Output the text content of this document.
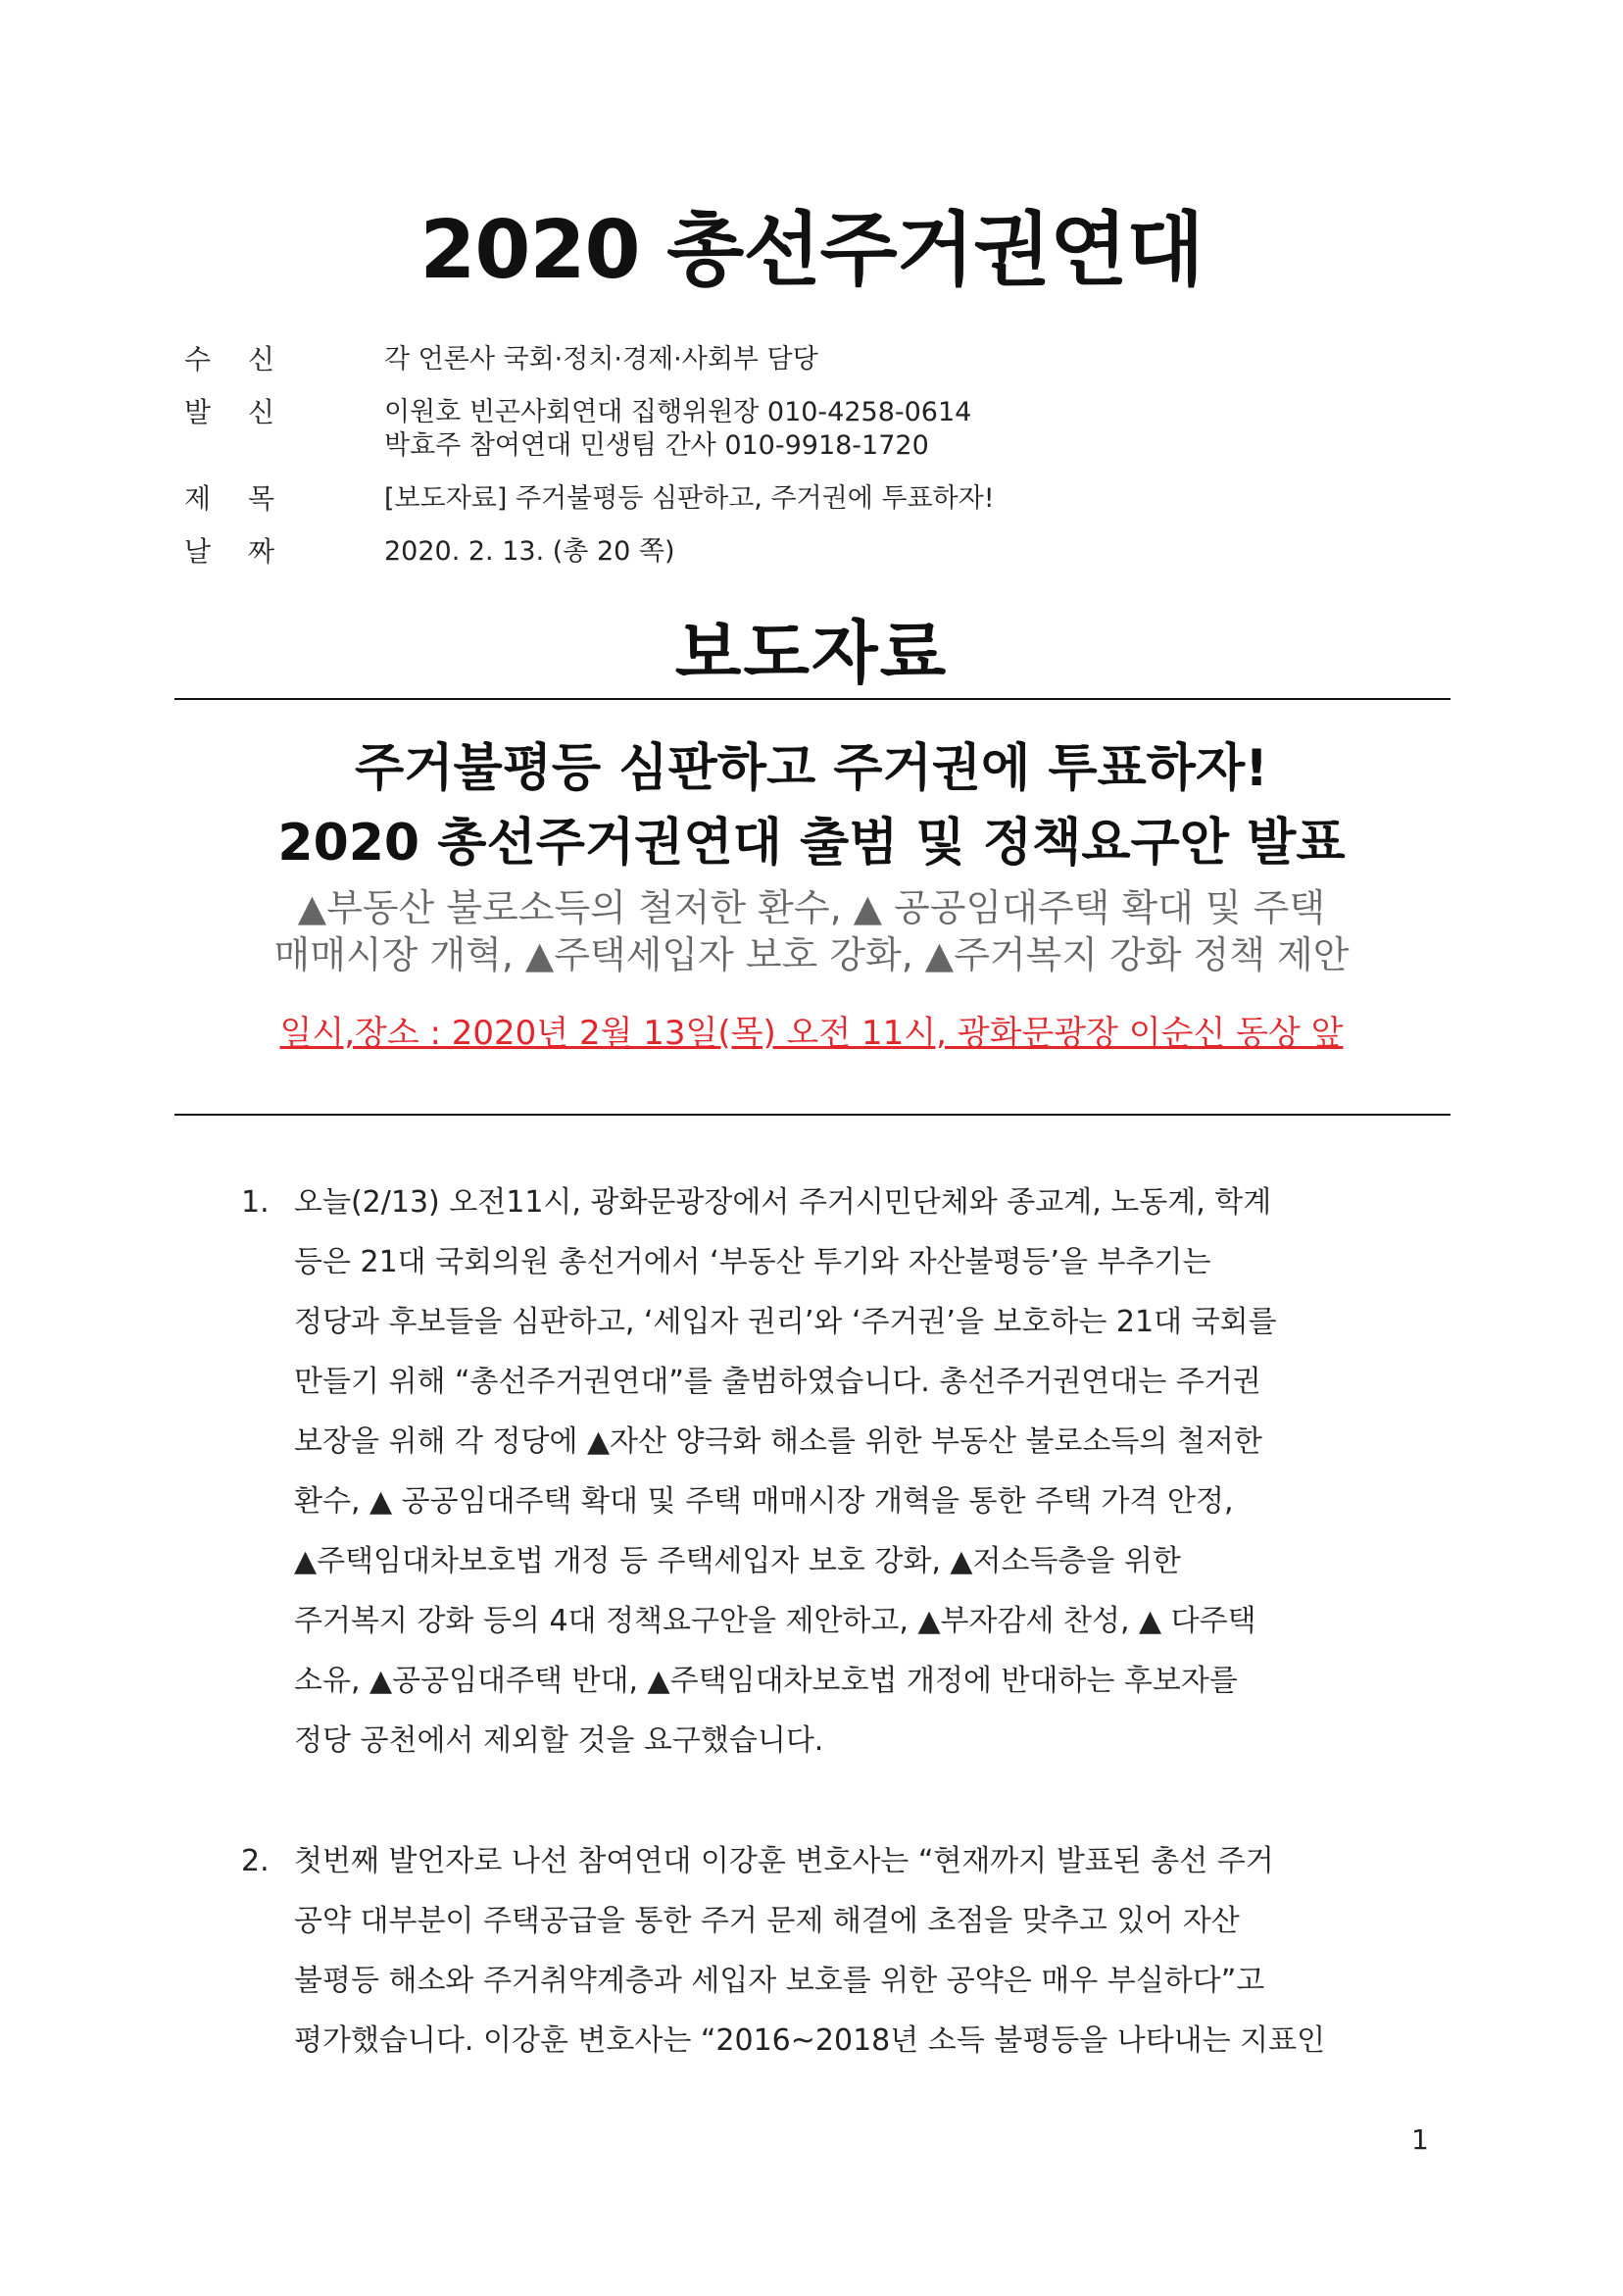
2020 총선주거권연대
수신	각 언론사 국회·정치·경제·사회부 담당
발신	이원호 빈곤사회연대 집행위원장 010-4258-0614
박효주 참여연대 민생팀 간사 010-9918-1720
제목	[보도자료] 주거불평등 심판하고, 주거권에 투표하자!
날짜	2020. 2. 13. (총 20 쪽)
보도자료
주거불평등 심판하고 주거권에 투표하자!
2020 총선주거권연대 출범 및 정책요구안 발표
▲부동산 불로소득의 철저한 환수, ▲ 공공임대주택 확대 및 주택
매매시장 개혁, ▲주택세입자 보호 강화, ▲주거복지 강화 정책 제안
일시,장소 : 2020년 2월 13일(목) 오전 11시, 광화문광장 이순신 동상 앞
1. 오늘(2/13) 오전11시, 광화문광장에서 주거시민단체와 종교계, 노동계, 학계
등은 21대 국회의원 총선거에서 ‘부동산 투기와 자산불평등’을 부추기는
정당과 후보들을 심판하고, ‘세입자 권리’와 ‘주거권’을 보호하는 21대 국회를
만들기 위해 “총선주거권연대”를 출범하였습니다. 총선주거권연대는 주거권
보장을 위해 각 정당에 ▲자산 양극화 해소를 위한 부동산 불로소득의 철저한
환수, ▲ 공공임대주택 확대 및 주택 매매시장 개혁을 통한 주택 가격 안정,
▲주택임대차보호법 개정 등 주택세입자 보호 강화, ▲저소득층을 위한
주거복지 강화 등의 4대 정책요구안을 제안하고, ▲부자감세 찬성, ▲ 다주택
소유, ▲공공임대주택 반대, ▲주택임대차보호법 개정에 반대하는 후보자를
정당 공천에서 제외할 것을 요구했습니다.
2. 첫번째 발언자로 나선 참여연대 이강훈 변호사는 “현재까지 발표된 총선 주거
공약 대부분이 주택공급을 통한 주거 문제 해결에 초점을 맞추고 있어 자산
불평등 해소와 주거취약계층과 세입자 보호를 위한 공약은 매우 부실하다”고
평가했습니다. 이강훈 변호사는 “2016~2018년 소득 불평등을 나타내는 지표인
1
